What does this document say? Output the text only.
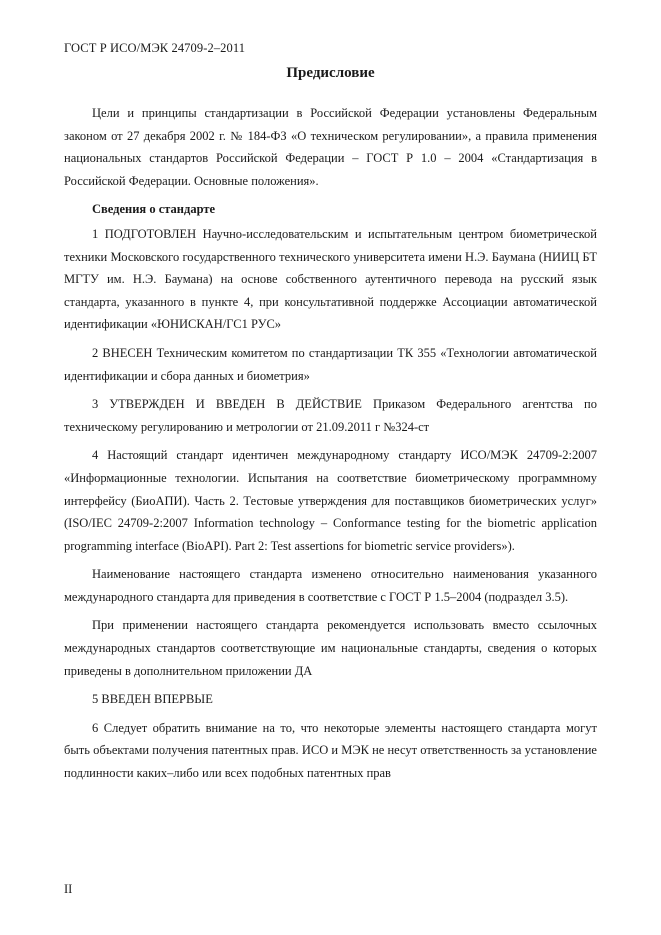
ГОСТ Р ИСО/МЭК 24709-2–2011
Предисловие

Цели и принципы стандартизации в Российской Федерации установлены Федеральным законом от 27 декабря 2002 г. № 184-ФЗ «О техническом регулировании», а правила применения национальных стандартов Российской Федерации – ГОСТ Р 1.0 – 2004 «Стандартизация в Российской Федерации. Основные положения».

Сведения о стандарте

1 ПОДГОТОВЛЕН Научно-исследовательским и испытательным центром биометрической техники Московского государственного технического университета имени Н.Э. Баумана (НИИЦ БТ МГТУ им. Н.Э. Баумана) на основе собственного аутентичного перевода на русский язык стандарта, указанного в пункте 4, при консультативной поддержке Ассоциации автоматической идентификации «ЮНИСКАН/ГС1 РУС»

2 ВНЕСЕН Техническим комитетом по стандартизации ТК 355 «Технологии автоматической идентификации и сбора данных и биометрия»

3 УТВЕРЖДЕН И ВВЕДЕН В ДЕЙСТВИЕ Приказом Федерального агентства по техническому регулированию и метрологии от 21.09.2011 г №324-ст

4 Настоящий стандарт идентичен международному стандарту ИСО/МЭК 24709-2:2007 «Информационные технологии. Испытания на соответствие биометрическому программному интерфейсу (БиоАПИ). Часть 2. Тестовые утверждения для поставщиков биометрических услуг» (ISO/IEC 24709-2:2007 Information technology – Conformance testing for the biometric application programming interface (BioAPI). Part 2: Test assertions for biometric service providers»).

Наименование настоящего стандарта изменено относительно наименования указанного международного стандарта для приведения в соответствие с ГОСТ Р 1.5–2004 (подраздел 3.5).

При применении настоящего стандарта рекомендуется использовать вместо ссылочных международных стандартов соответствующие им национальные стандарты, сведения о которых приведены в дополнительном приложении ДА

5 ВВЕДЕН ВПЕРВЫЕ

6 Следует обратить внимание на то, что некоторые элементы настоящего стандарта могут быть объектами получения патентных прав. ИСО и МЭК не несут ответственность за установление подлинности каких–либо или всех подобных патентных прав

II
